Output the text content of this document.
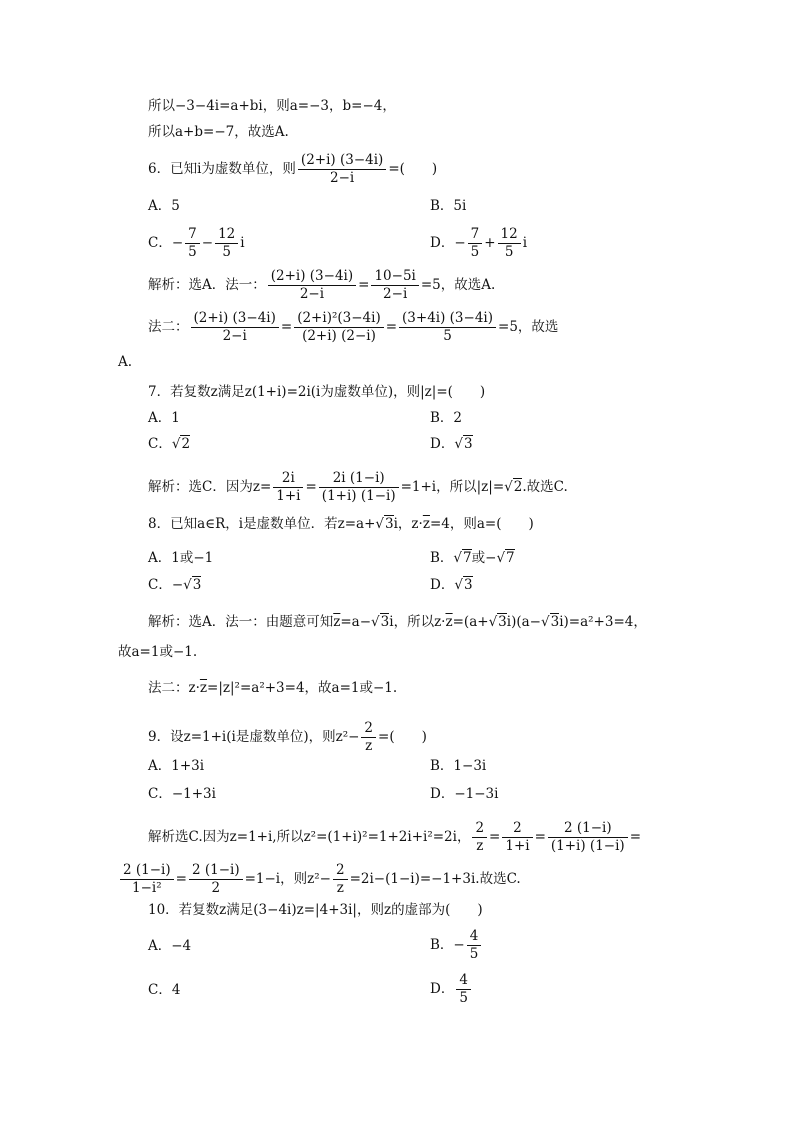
所以−3−4i=a+bi，则a=−3，b=−4，
所以a+b=−7，故选A.
6．已知i为虚数单位，则 $\frac{(2+i) (3-4i)}{2-i}$ =(　　)
A．5	B．5i
C．− $\frac{7}{5} - \frac{12}{5}$ i	D．− $\frac{7}{5} + \frac{12}{5}$ i
解析：选A．法一： $\frac{(2+i) (3-4i)}{2-i} = \frac{10-5i}{2-i} =5$，故选A.
法二： $\frac{(2+i) (3-4i)}{2-i} = \frac{\text{(2+i)²(3−4i)}}{(2+i) (2-i)} = \frac{(3+4i) (3-4i)}{5} =5$，故选
A.
7．若复数z满足z(1+i)=2i(i为虚数单位)，则|z|=(　　)
A．1	B．2
C．√2	D．√3
解析：选C．因为$z= \frac{2i}{1+i} = \frac{2i (1-i)}{(1+i) (1-i)} =1+i$，所以|z|=√2.故选C.
8．已知a∈R，i是虚数单位．若z=a+√3i，$z\cdot\overline{z}=4$，则a=(　　)
A．1或−1	B．√7或−√7
C．−√3	D．√3
解析：选A．法一：由题意可知$\overline{z}=a-√3i$，所以$z\cdot\overline{z}=(a+√3i)(a-√3i)=a^2+3=4$，
故a=1或−1.
法二：$z\cdot\overline{z}=|z|^2=a^2+3=4$，故a=1或−1.
9．设z=1+i(i是虚数单位)，则$z^2- \frac{2}{z}$ =(　　)
A．1+3i	B．1−3i
C．−1+3i	D．−1−3i
解析选C.因为z=1+i,所以z²=(1+i)²=1+2i+i²=2i， $\frac{2}{z} = \frac{2}{1+i} = \frac{2 (1-i)}{(1+i) (1-i)}$ =
$\frac{2 (1-i)}{\text{1−i²}} = \frac{2 (1-i)}{2} =1-i$，则$z^2- \frac{2}{z} =2i-(1-i)=-1+3i$.故选C.
10．若复数z满足(3−4i)z=|4+3i|，则z的虚部为(　　)
A．−4	B．− $\frac{4}{5}$
C．4	D． $\frac{4}{5}$
